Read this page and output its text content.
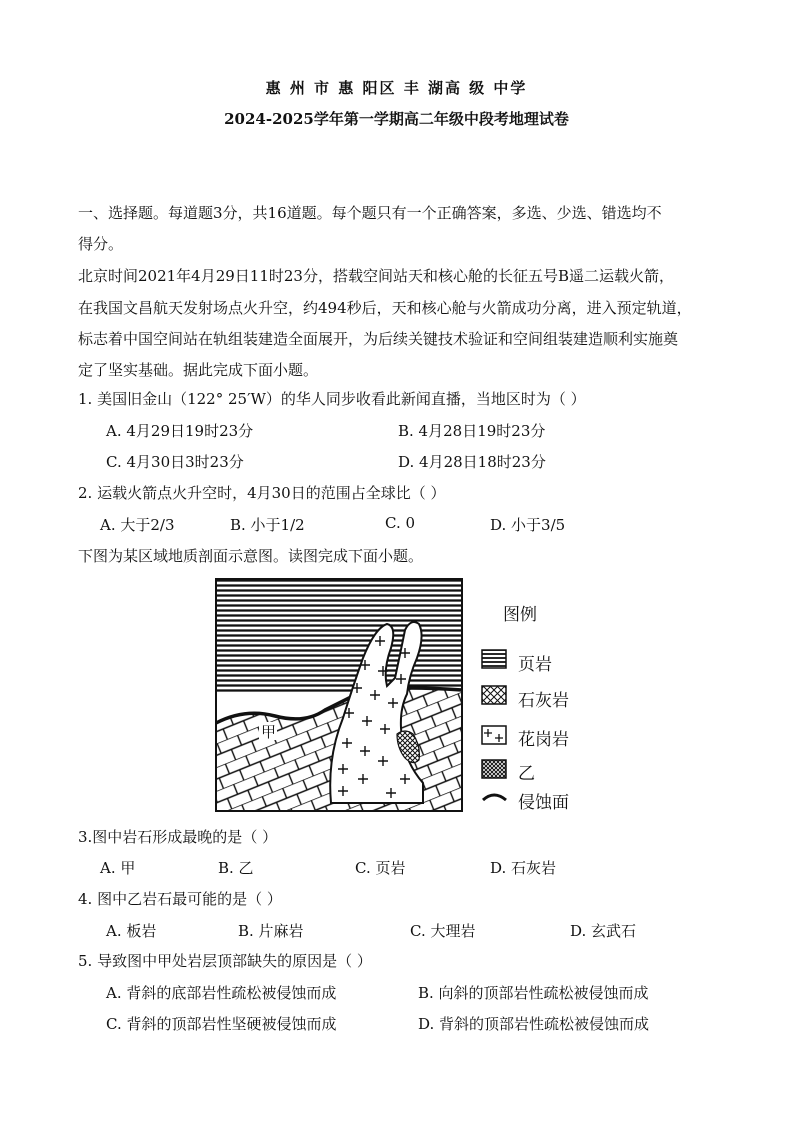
惠 州 市 惠 阳区 丰 湖高 级 中学
2024-2025学年第一学期高二年级中段考地理试卷
一、选择题。每道题3分，共16道题。每个题只有一个正确答案，多选、少选、错选均不
得分。
北京时间2021年4月29日11时23分，搭载空间站天和核心舱的长征五号B遥二运载火箭，
在我国文昌航天发射场点火升空，约494秒后，天和核心舱与火箭成功分离，进入预定轨道，
标志着中国空间站在轨组装建造全面展开，为后续关键技术验证和空间组装建造顺利实施奠
定了坚实基础。据此完成下面小题。
1. 美国旧金山（122° 25′W）的华人同步收看此新闻直播，当地区时为（ ）
A. 4月29日19时23分	B. 4月28日19时23分
C. 4月30日3时23分	D. 4月28日18时23分
2. 运载火箭点火升空时，4月30日的范围占全球比（ ）
A. 大于2/3	B. 小于1/2	C. 0	D. 小于3/5
下图为某区域地质剖面示意图。读图完成下面小题。
甲
图例
页岩
石灰岩
花岗岩
乙
侵蚀面
3.图中岩石形成最晚的是（ ）
A. 甲	B. 乙	C. 页岩	D. 石灰岩
4. 图中乙岩石最可能的是（ ）
A. 板岩	B. 片麻岩	C. 大理岩	D. 玄武石
5. 导致图中甲处岩层顶部缺失的原因是（ ）
A. 背斜的底部岩性疏松被侵蚀而成	B. 向斜的顶部岩性疏松被侵蚀而成
C. 背斜的顶部岩性坚硬被侵蚀而成	D. 背斜的顶部岩性疏松被侵蚀而成
